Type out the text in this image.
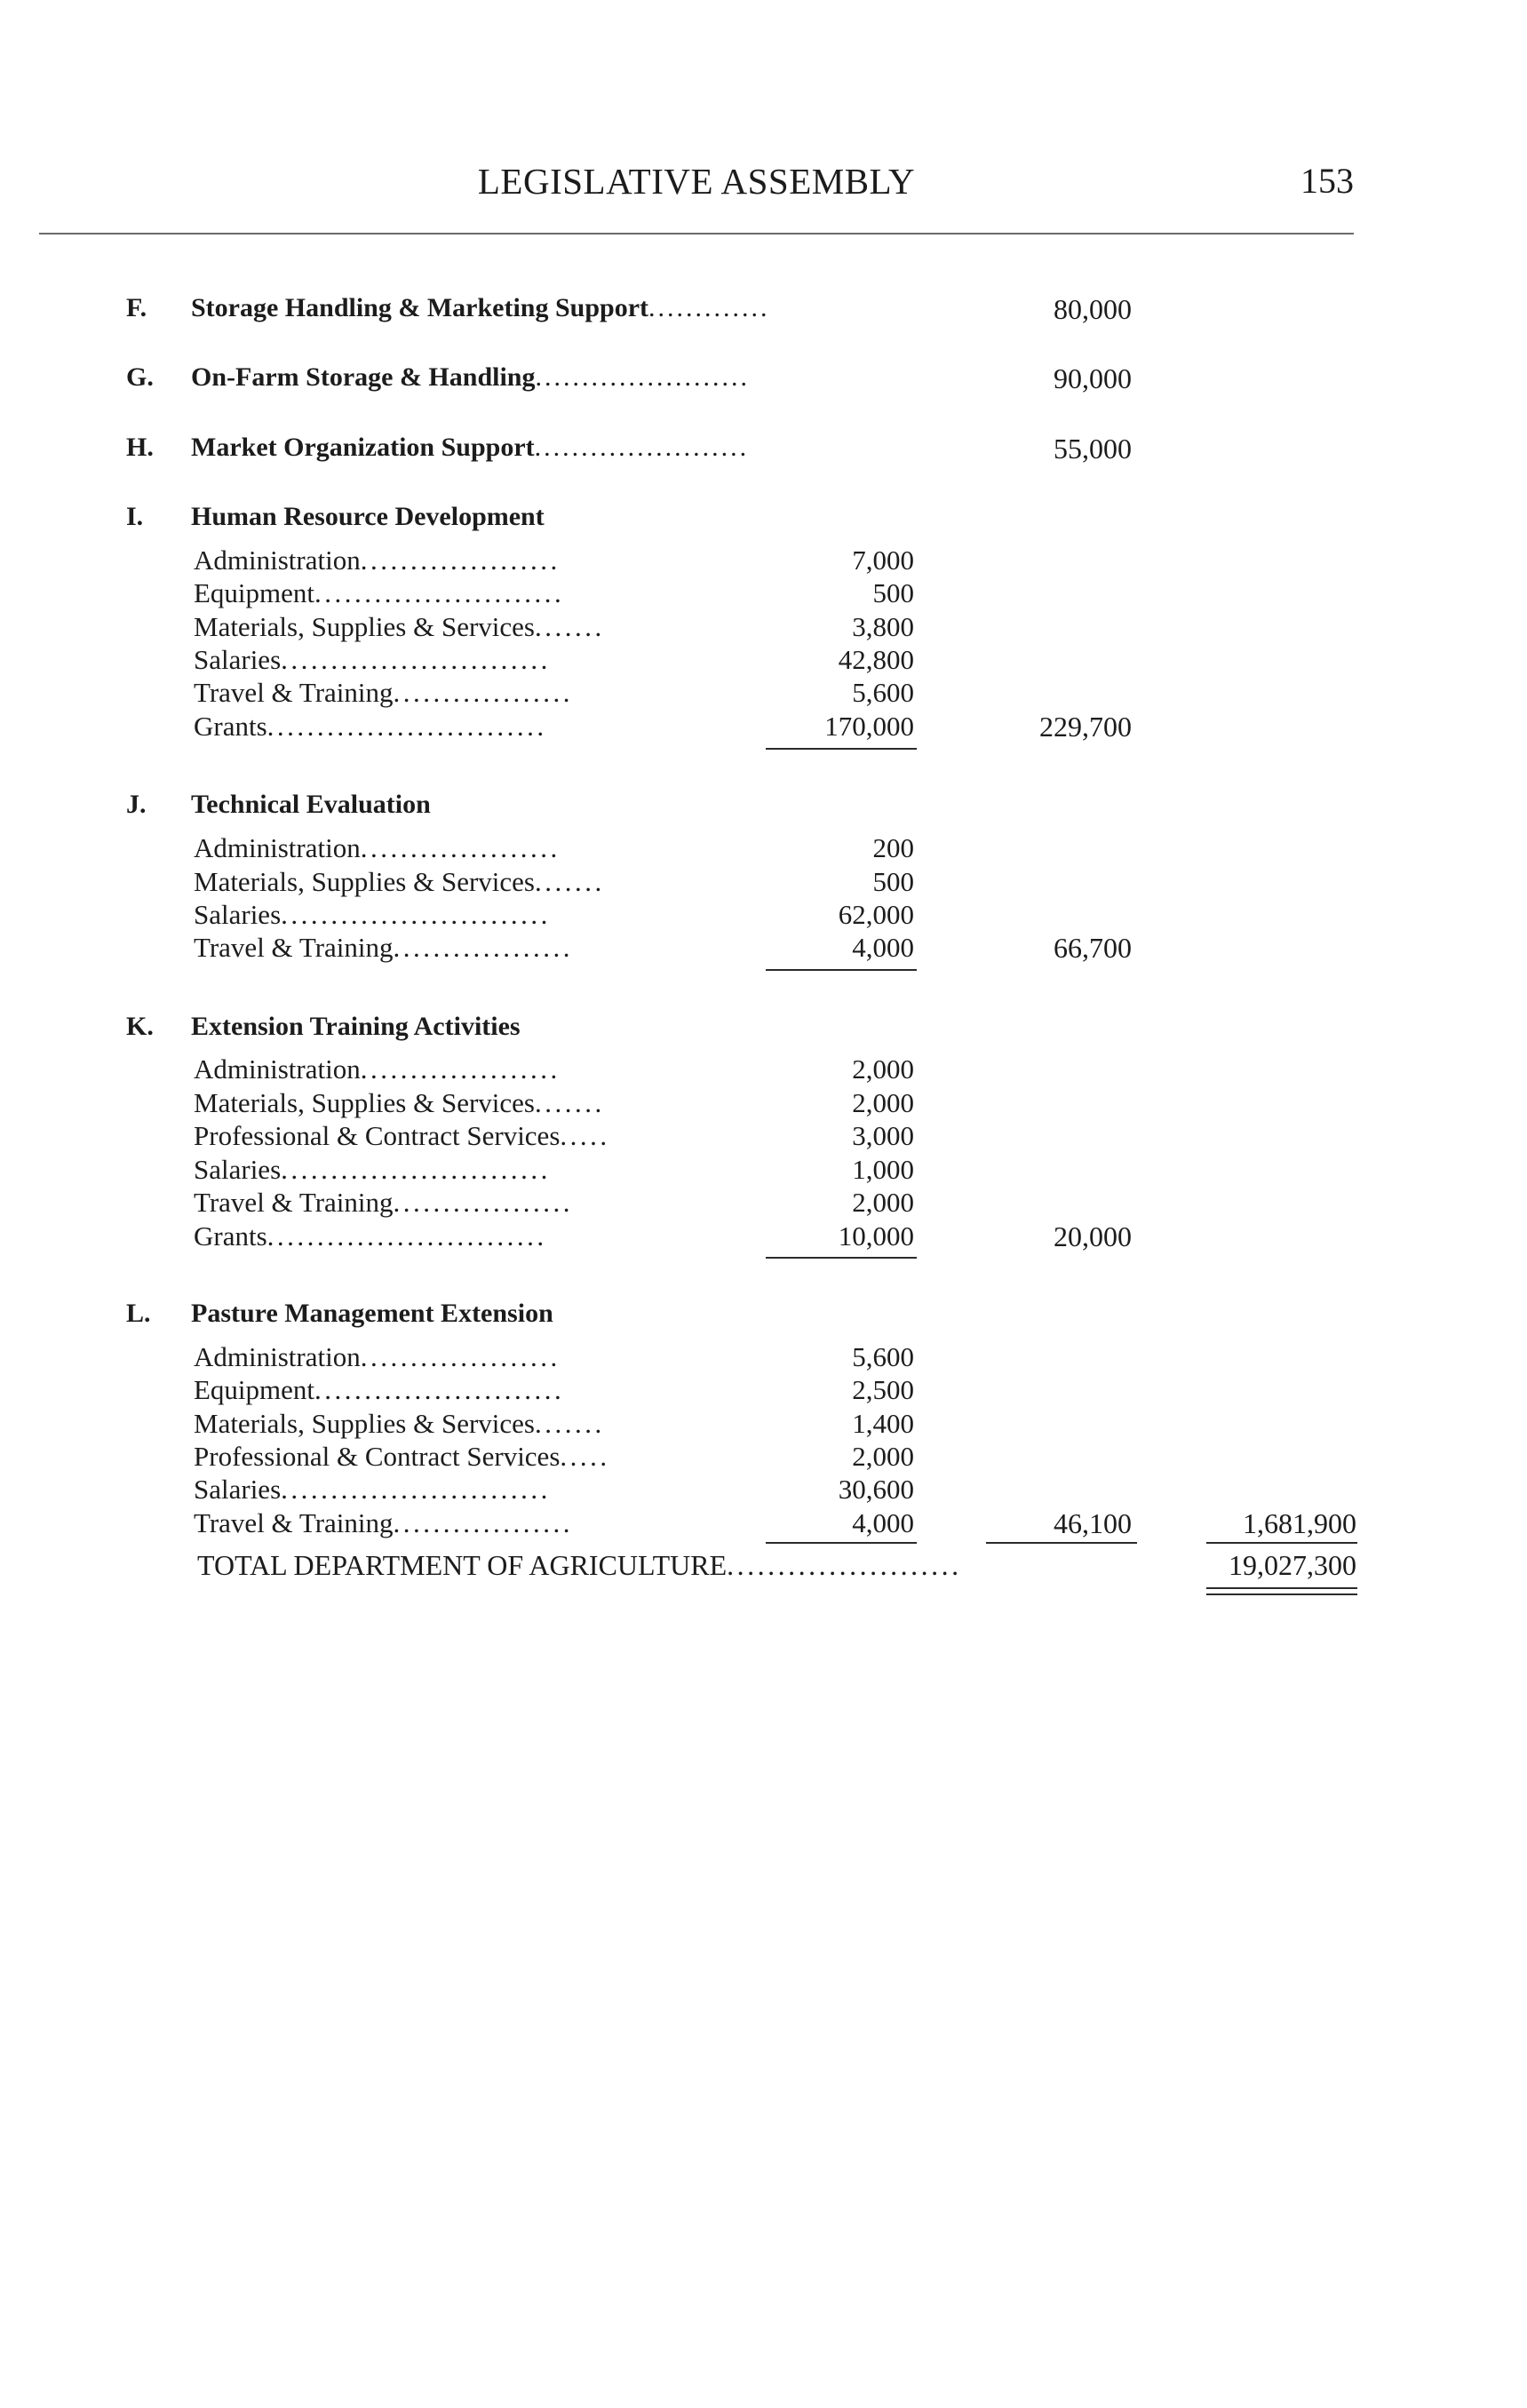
LEGISLATIVE ASSEMBLY	153
F. Storage Handling & Marketing Support.............	80,000
G. On-Farm Storage & Handling.......................	90,000
H. Market Organization Support.......................	55,000
I. Human Resource Development
Administration....................	7,000
Equipment.........................	500
Materials, Supplies & Services.......	3,800
Salaries...........................	42,800
Travel & Training..................	5,600
Grants............................	170,000	229,700
J. Technical Evaluation
Administration....................	200
Materials, Supplies & Services.......	500
Salaries...........................	62,000
Travel & Training..................	4,000	66,700
K. Extension Training Activities
Administration....................	2,000
Materials, Supplies & Services.......	2,000
Professional & Contract Services.....	3,000
Salaries...........................	1,000
Travel & Training..................	2,000
Grants............................	10,000	20,000
L. Pasture Management Extension
Administration....................	5,600
Equipment.........................	2,500
Materials, Supplies & Services.......	1,400
Professional & Contract Services.....	2,000
Salaries...........................	30,600
Travel & Training..................	4,000	46,100	1,681,900
TOTAL DEPARTMENT OF AGRICULTURE.......................	19,027,300
